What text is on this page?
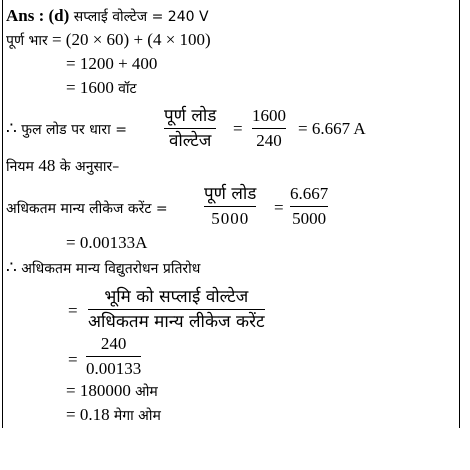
Ans : (d) सप्लाई वोल्टेज = 240 V
पूर्ण भार = (20 × 60) + (4 × 100)
= 1200 + 400
= 1600 वॉट
∴ फुल लोड पर धारा =
पूर्ण लोड
वोल्टेज
=
1600
240
= 6.667 A
नियम 48 के अनुसार–
अधिकतम मान्य लीकेज करेंट =
पूर्ण लोड
5000
=
6.667
5000
= 0.00133A
∴ अधिकतम मान्य विद्युतरोधन प्रतिरोध
=
भूमि को सप्लाई वोल्टेज
अधिकतम मान्य लीकेज करेंट
=
240
0.00133
= 180000 ओम
= 0.18 मेगा ओम
